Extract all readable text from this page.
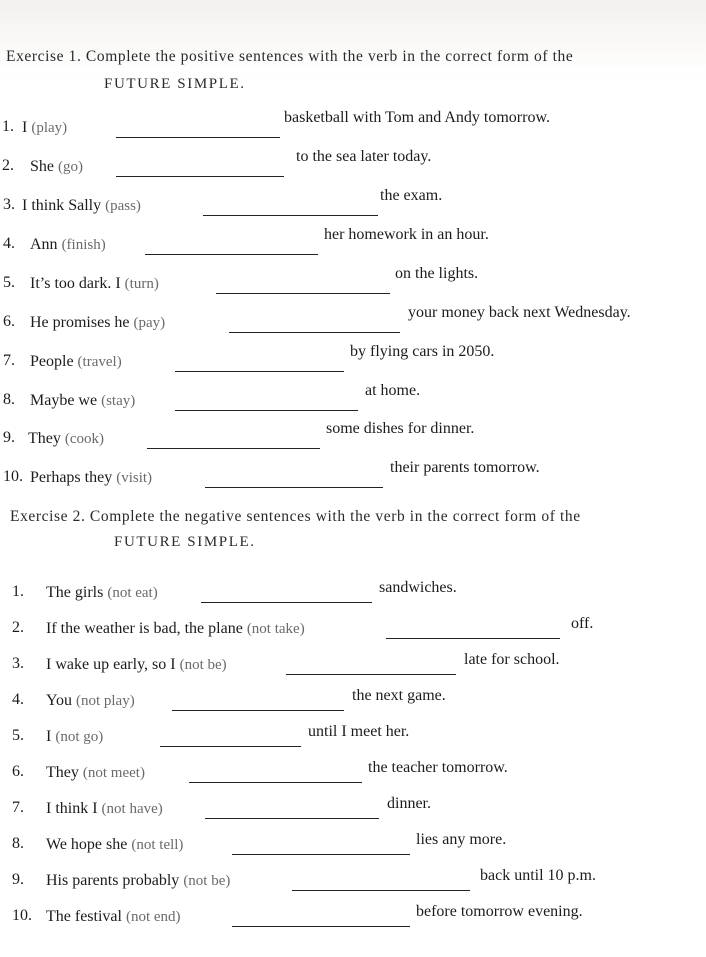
Exercise 1. Complete the positive sentences with the verb in the correct form of the
FUTURE SIMPLE.
1. I (play)
basketball with Tom and Andy tomorrow.
2. She (go)
to the sea later today.
3. I think Sally (pass)
the exam.
4. Ann (finish)
her homework in an hour.
5. It’s too dark. I (turn)
on the lights.
6. He promises he (pay)
your money back next Wednesday.
7. People (travel)
by flying cars in 2050.
8. Maybe we (stay)
at home.
9. They (cook)
some dishes for dinner.
10. Perhaps they (visit)
their parents tomorrow.
Exercise 2. Complete the negative sentences with the verb in the correct form of the
FUTURE SIMPLE.
1. The girls (not eat)	sandwiches.
2. If the weather is bad, the plane (not take)	off.
3. I wake up early, so I (not be)	late for school.
4. You (not play)	the next game.
5. I (not go)	until I meet her.
6. They (not meet)	the teacher tomorrow.
7. I think I (not have)	dinner.
8. We hope she (not tell)	lies any more.
9. His parents probably (not be)	back until 10 p.m.
10. The festival (not end)	before tomorrow evening.
